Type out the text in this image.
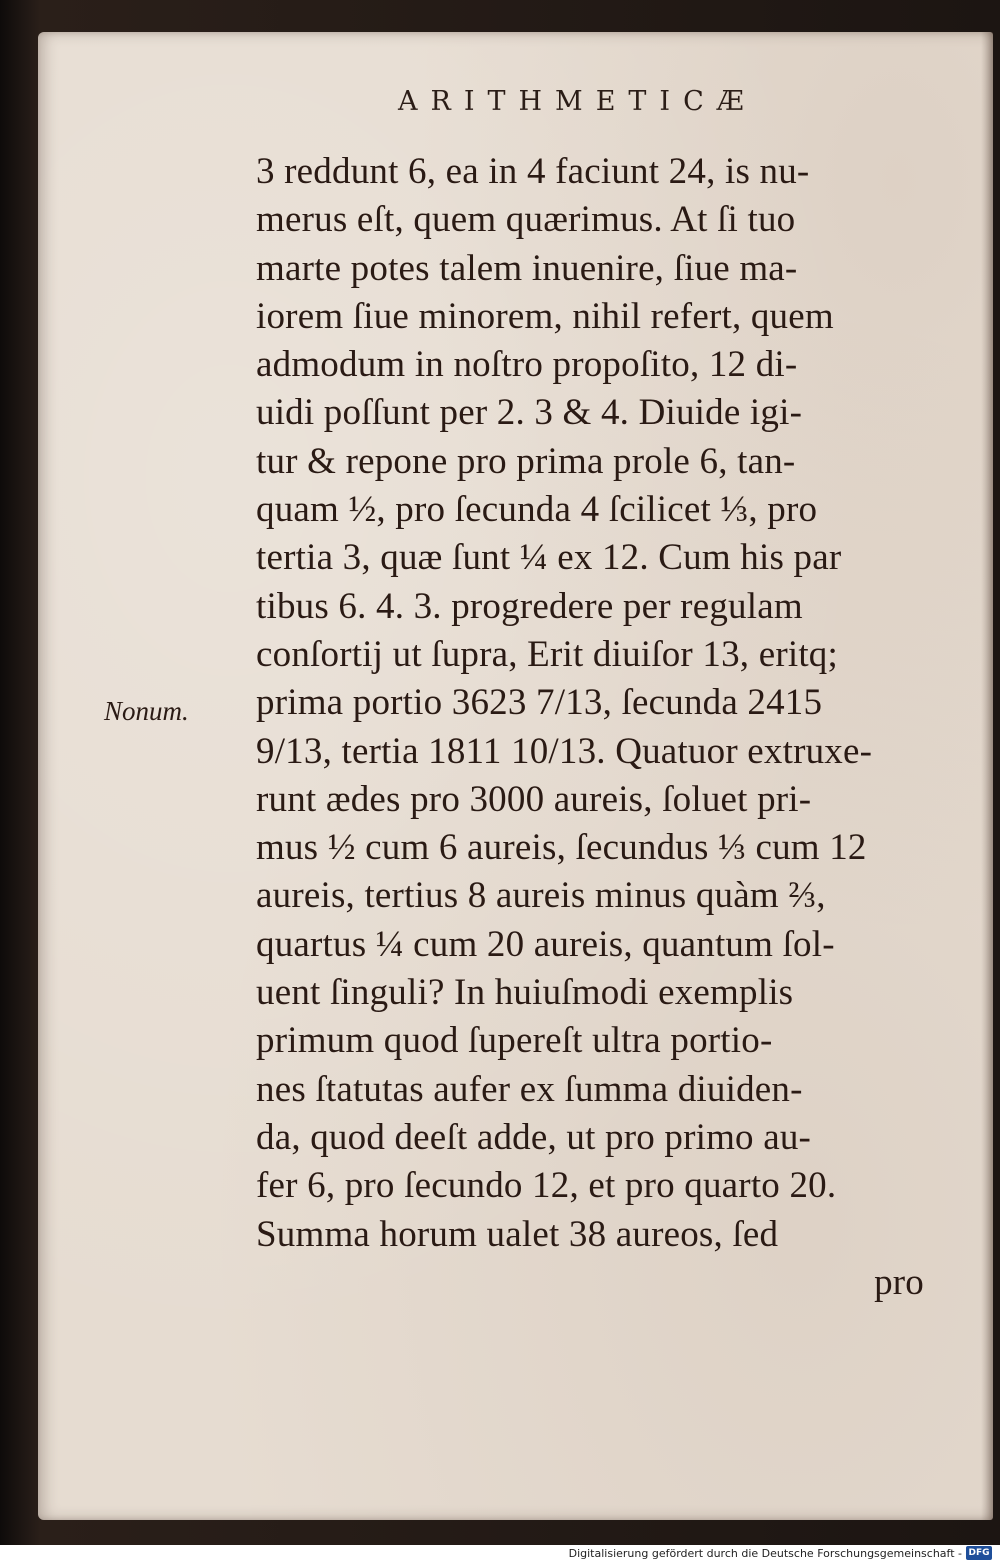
ARITHMETICÆ
Nonum.
3 reddunt 6, ea in 4 faciunt 24, is nu-
merus eſt, quem quærimus. At ſi tuo
marte potes talem inuenire, ſiue ma-
iorem ſiue minorem, nihil refert, quem
admodum in noſtro propoſito, 12 di-
uidi poſſunt per 2. 3 & 4. Diuide igi-
tur & repone pro prima prole 6, tan-
quam ½, pro ſecunda 4 ſcilicet ⅓, pro
tertia 3, quæ ſunt ¼ ex 12. Cum his par
tibus 6. 4. 3. progredere per regulam
conſortij ut ſupra, Erit diuiſor 13, eritq;
prima portio 3623 7/13, ſecunda 2415
9/13, tertia 1811 10/13. Quatuor extruxe-
runt ædes pro 3000 aureis, ſoluet pri-
mus ½ cum 6 aureis, ſecundus ⅓ cum 12
aureis, tertius 8 aureis minus quàm ⅔,
quartus ¼ cum 20 aureis, quantum ſol-
uent ſinguli? In huiuſmodi exemplis
primum quod ſupereſt ultra portio-
nes ſtatutas aufer ex ſumma diuiden-
da, quod deeſt adde, ut pro primo au-
fer 6, pro ſecundo 12, et pro quarto 20.
Summa horum ualet 38 aureos, ſed
pro
Digitalisierung gefördert durch die Deutsche Forschungsgemeinschaft - DFG
